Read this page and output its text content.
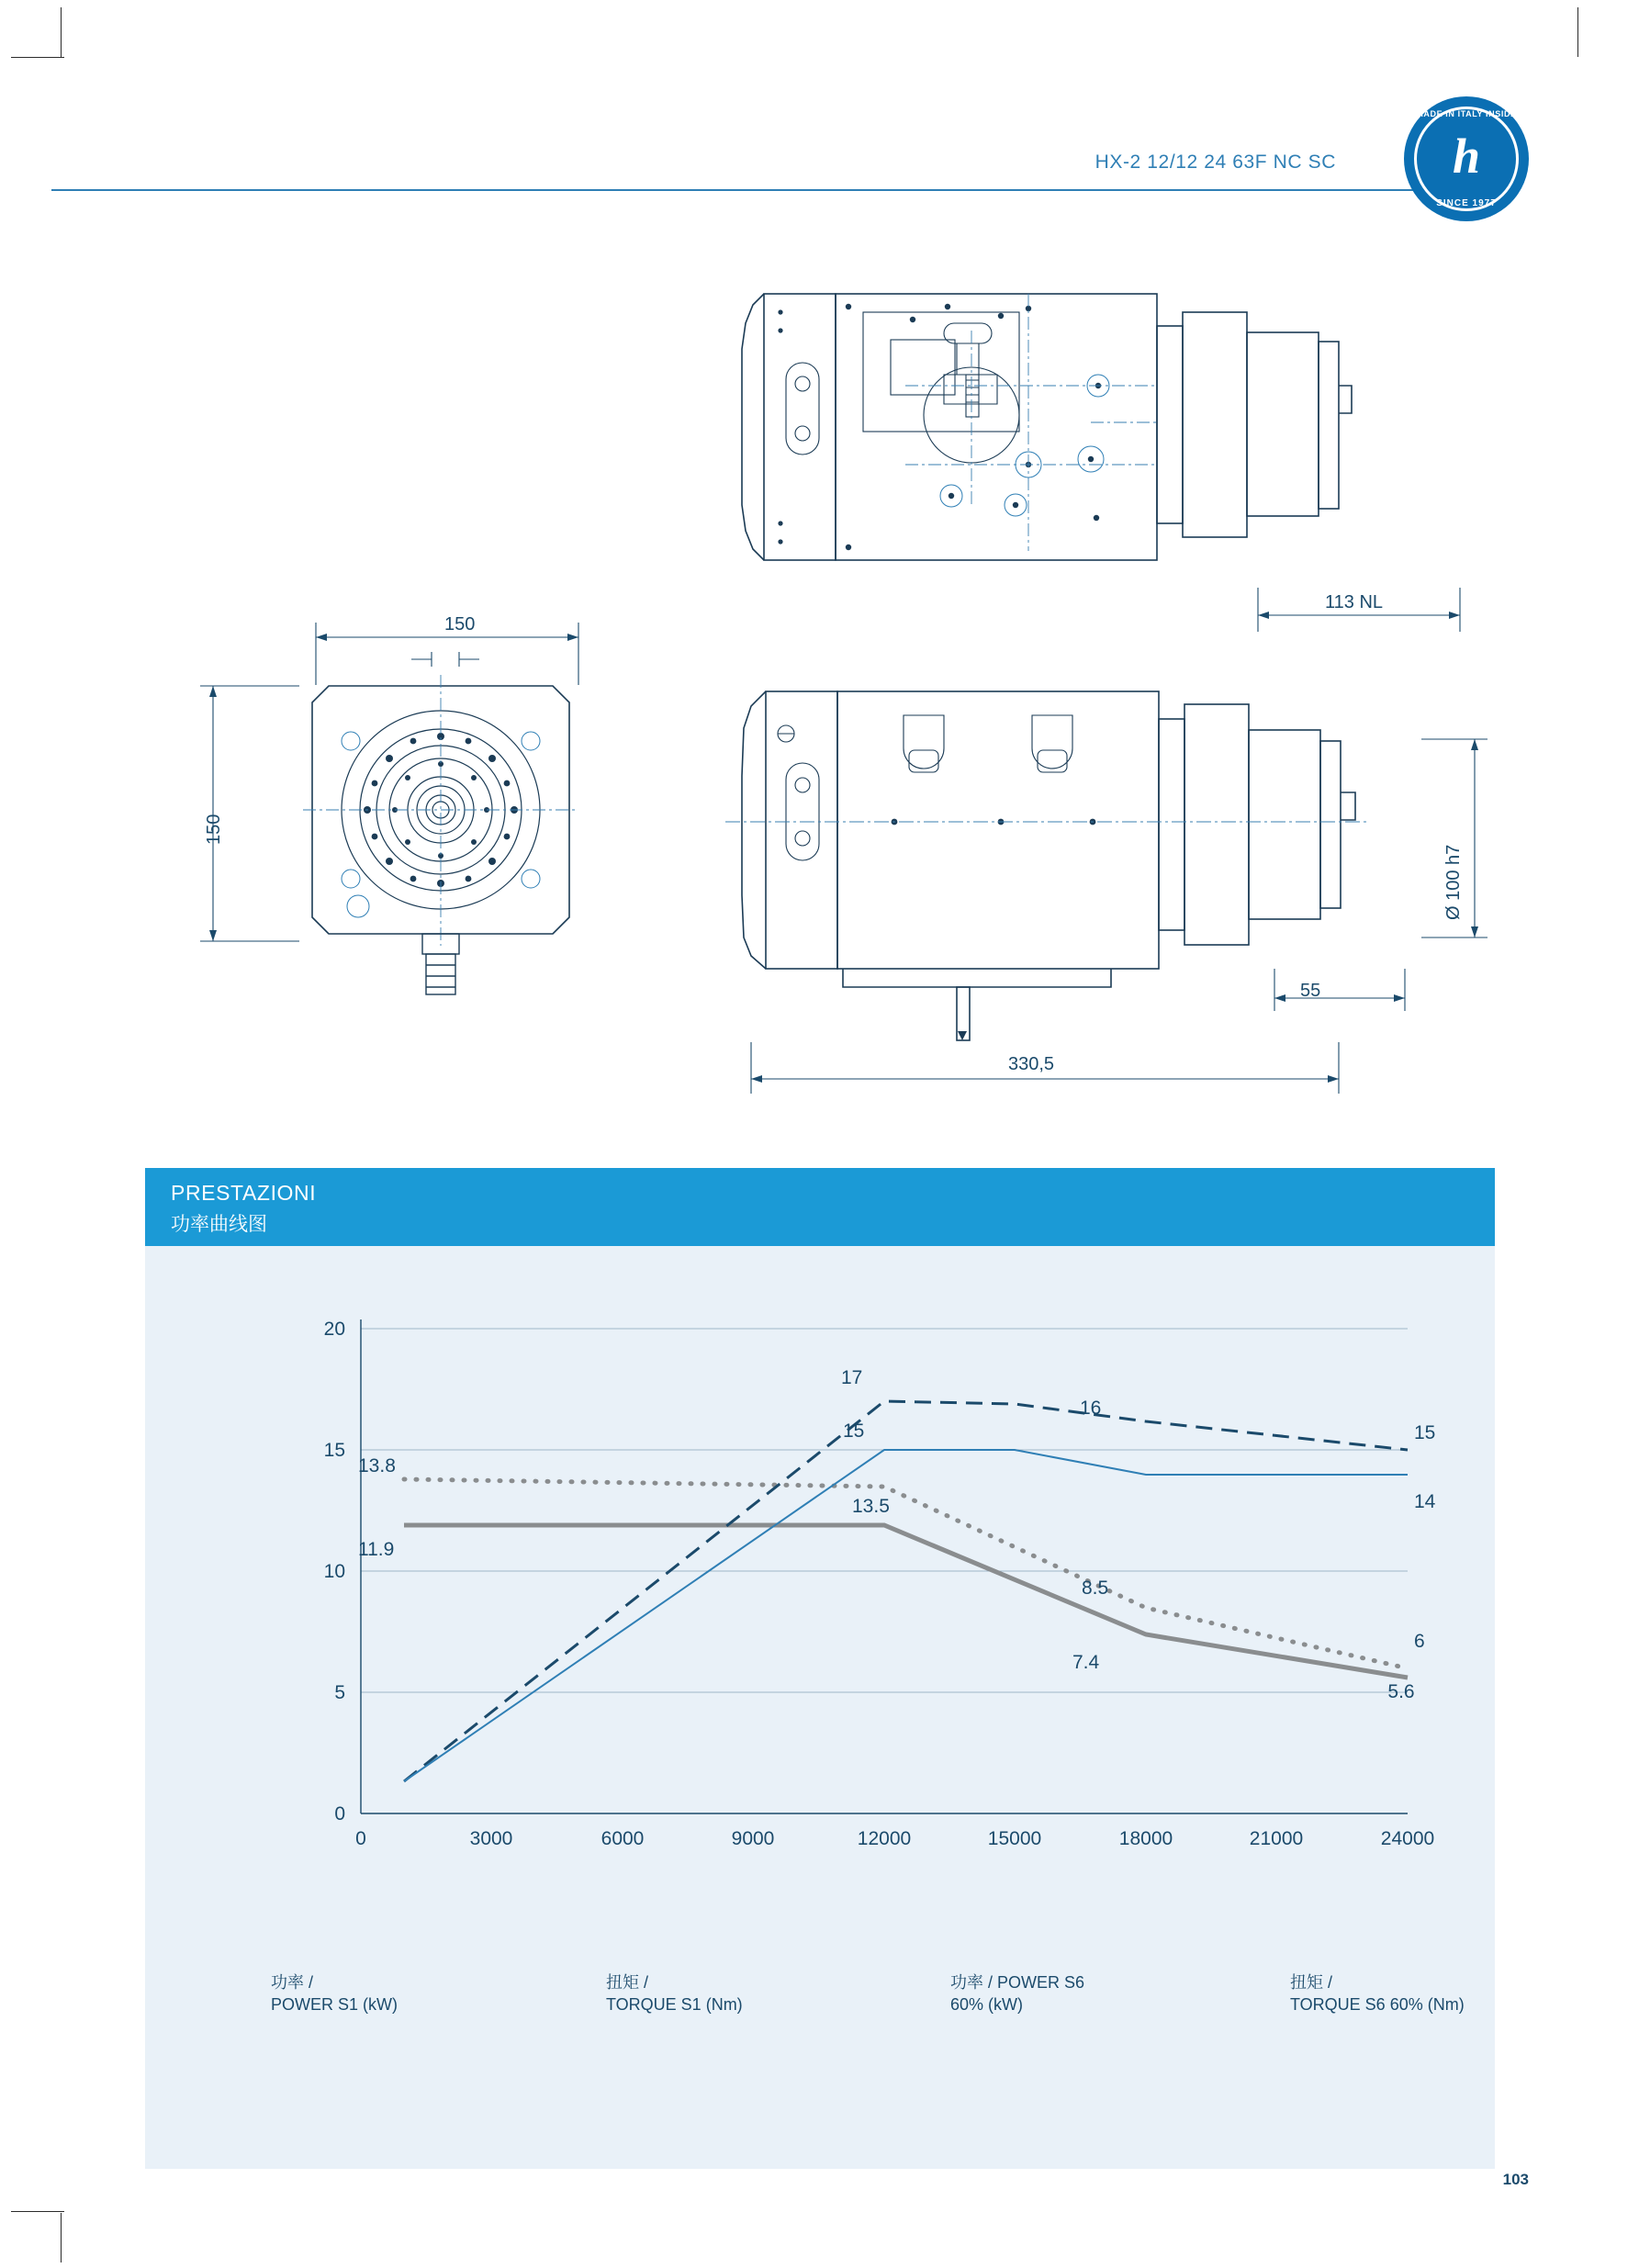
HX-2 12/12 24 63F NC SC
MADE IN ITALY INSIDE
h
SINCE 1977
113 NL
150
150
Ø 100 h7
55
330,5
PRESTAZIONI
功率曲线图
20
15
10
5
0
0	3000	6000	9000	12000	15000	18000	21000	24000
17
16
15
14
15
13.5
13.8
11.9
8.5
7.4
6
5.6
功率 /
POWER S1 (kW)
扭矩 /
TORQUE S1 (Nm)
功率 / POWER S6
60% (kW)
扭矩 /
TORQUE S6 60% (Nm)
103
